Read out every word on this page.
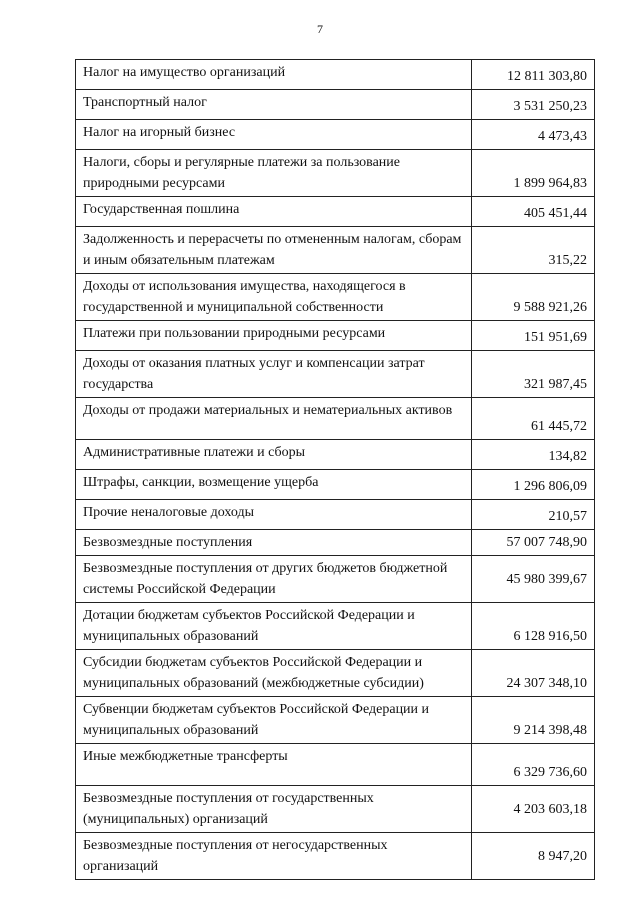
7
Налог на имущество организаций	12 811 303,80
Транспортный налог	3 531 250,23
Налог на игорный бизнес	4 473,43
Налоги, сборы и регулярные платежи за пользование природными ресурсами	1 899 964,83
Государственная пошлина	405 451,44
Задолженность и перерасчеты по отмененным налогам, сборам и иным обязательным платежам	315,22
Доходы от использования имущества, находящегося в государственной и муниципальной собственности	9 588 921,26
Платежи при пользовании природными ресурсами	151 951,69
Доходы от оказания платных услуг и компенсации затрат государства	321 987,45
Доходы от продажи материальных и нематериальных активов	61 445,72
Административные платежи и сборы	134,82
Штрафы, санкции, возмещение ущерба	1 296 806,09
Прочие неналоговые доходы	210,57
Безвозмездные поступления	57 007 748,90
Безвозмездные поступления от других бюджетов бюджетной системы Российской Федерации	45 980 399,67
Дотации бюджетам субъектов Российской Федерации и муниципальных образований	6 128 916,50
Субсидии бюджетам субъектов Российской Федерации и муниципальных образований (межбюджетные субсидии)	24 307 348,10
Субвенции бюджетам субъектов Российской Федерации и муниципальных образований	9 214 398,48
Иные межбюджетные трансферты	6 329 736,60
Безвозмездные поступления от государственных (муниципальных) организаций	4 203 603,18
Безвозмездные поступления от негосударственных организаций	8 947,20
